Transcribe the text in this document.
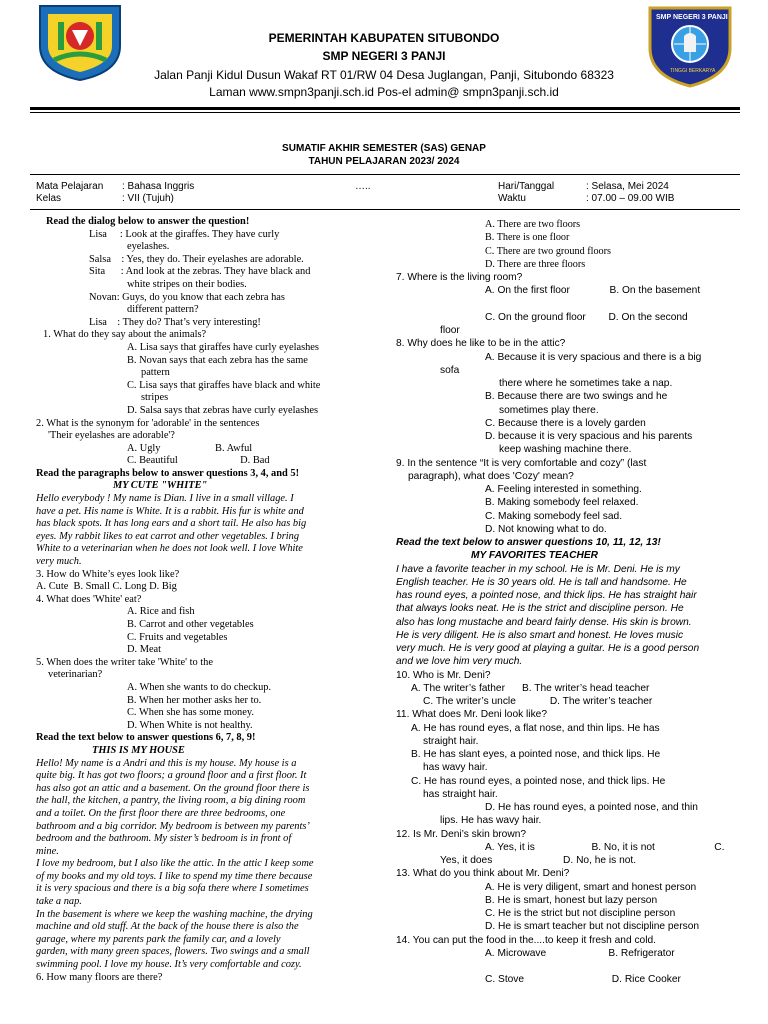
PEMERINTAH KABUPATEN SITUBONDO
SMP NEGERI 3 PANJI
Jalan Panji Kidul Dusun Wakaf RT 01/RW 04 Desa Juglangan, Panji, Situbondo 68323
Laman www.smpn3panji.sch.id Pos-el admin@ smpn3panji.sch.id
SMP NEGERI 3 PANJI
TINGGI BERKARYA
SUMATIF AKHIR SEMESTER (SAS) GENAP
TAHUN PELAJARAN 2023/ 2024
Mata Pelajaran : Bahasa Inggris	…..
Kelas	: VII (Tujuh)
Hari/Tanggal	: Selasa, Mei 2024
Waktu	: 07.00 – 09.00 WIB
Read the dialog below to answer the question!
Lisa     : Look at the giraffes. They have curly
eyelashes.
Salsa    : Yes, they do. Their eyelashes are adorable.
Sita      : And look at the zebras. They have black and
white stripes on their bodies.
Novan: Guys, do you know that each zebra has
different pattern?
Lisa    : They do? That’s very interesting!
1. What do they say about the animals?
A. Lisa says that giraffes have curly eyelashes
B. Novan says that each zebra has the same
pattern
C. Lisa says that giraffes have black and white
stripes
D. Salsa says that zebras have curly eyelashes
2. What is the synonym for 'adorable' in the sentences
'Their eyelashes are adorable'?
A. Ugly                     B. Awful
C. Beautiful                        D. Bad
Read the paragraphs below to answer questions 3, 4, and 5!
MY CUTE "WHITE"
Hello everybody ! My name is Dian. I live in a small village. I
have a pet. His name is White. It is a rabbit. His fur is white and
has black spots. It has long ears and a short tail. He also has big
eyes. My rabbit likes to eat carrot and other vegetables. I bring
White to a veterinarian when he does not look well. I love White
very much.
3. How do White’s eyes look like?
A. Cute  B. Small C. Long D. Big
4. What does 'White' eat?
A. Rice and fish
B. Carrot and other vegetables
C. Fruits and vegetables
D. Meat
5. When does the writer take 'White' to the
veterinarian?
A. When she wants to do checkup.
B. When her mother asks her to.
C. When she has some money.
D. When White is not healthy.
Read the text below to answer questions 6, 7, 8, 9!
THIS IS MY HOUSE
Hello! My name is a Andri and this is my house. My house is a
quite big. It has got two floors; a ground floor and a first floor. It
has also got an attic and a basement. On the ground floor there is
the hall, the kitchen, a pantry, the living room, a big dining room
and a toilet. On the first floor there are three bedrooms, one
bathroom and a big corridor. My bedroom is between my parents’
bedroom and the bathroom. My sister’s bedroom is in front of
mine.
I love my bedroom, but I also like the attic. In the attic I keep some
of my books and my old toys. I like to spend my time there because
it is very spacious and there is a big sofa there where I sometimes
take a nap.
In the basement is where we keep the washing machine, the drying
machine and old stuff. At the back of the house there is also the
garage, where my parents park the family car, and a lovely
garden, with many green spaces, flowers. Two swings and a small
swimming pool. I love my house. It’s very comfortable and cozy.
6. How many floors are there?
A. There are two floors
B. There is one floor
C. There are two ground floors
D. There are three floors
7. Where is the living room?
A. On the first floor              B. On the basement

C. On the ground floor        D. On the second
floor
8. Why does he like to be in the attic?
A. Because it is very spacious and there is a big
sofa
there where he sometimes take a nap.
B. Because there are two swings and he
sometimes play there.
C. Because there is a lovely garden
D. because it is very spacious and his parents
keep washing machine there.
9. In the sentence “It is very comfortable and cozy” (last
paragraph), what does 'Cozy' mean?
A. Feeling interested in something.
B. Making somebody feel relaxed.
C. Making somebody feel sad.
D. Not knowing what to do.
Read the text below to answer questions 10, 11, 12, 13!
MY FAVORITES TEACHER
I have a favorite teacher in my school. He is Mr. Deni. He is my
English teacher. He is 30 years old. He is tall and handsome. He
has round eyes, a pointed nose, and thick lips. He has straight hair
that always looks neat. He is the strict and discipline person. He
also has long mustache and beard fairly dense. His skin is brown.
He is very diligent. He is also smart and honest. He loves music
very much. He is very good at playing a guitar. He is a good person
and we love him very much.
10. Who is Mr. Deni?
A. The writer’s father      B. The writer’s head teacher
C. The writer’s uncle            D. The writer’s teacher
11. What does Mr. Deni look like?
A. He has round eyes, a flat nose, and thin lips. He has
straight hair.
B. He has slant eyes, a pointed nose, and thick lips. He
has wavy hair.
C. He has round eyes, a pointed nose, and thick lips. He
has straight hair.
D. He has round eyes, a pointed nose, and thin
lips. He has wavy hair.
12. Is Mr. Deni’s skin brown?
A. Yes, it is                    B. No, it is not                     C.
Yes, it does                         D. No, he is not.
13. What do you think about Mr. Deni?
A. He is very diligent, smart and honest person
B. He is smart, honest but lazy person
C. He is the strict but not discipline person
D. He is smart teacher but not discipline person
14. You can put the food in the....to keep it fresh and cold.
A. Microwave                      B. Refrigerator

C. Stove                               D. Rice Cooker
